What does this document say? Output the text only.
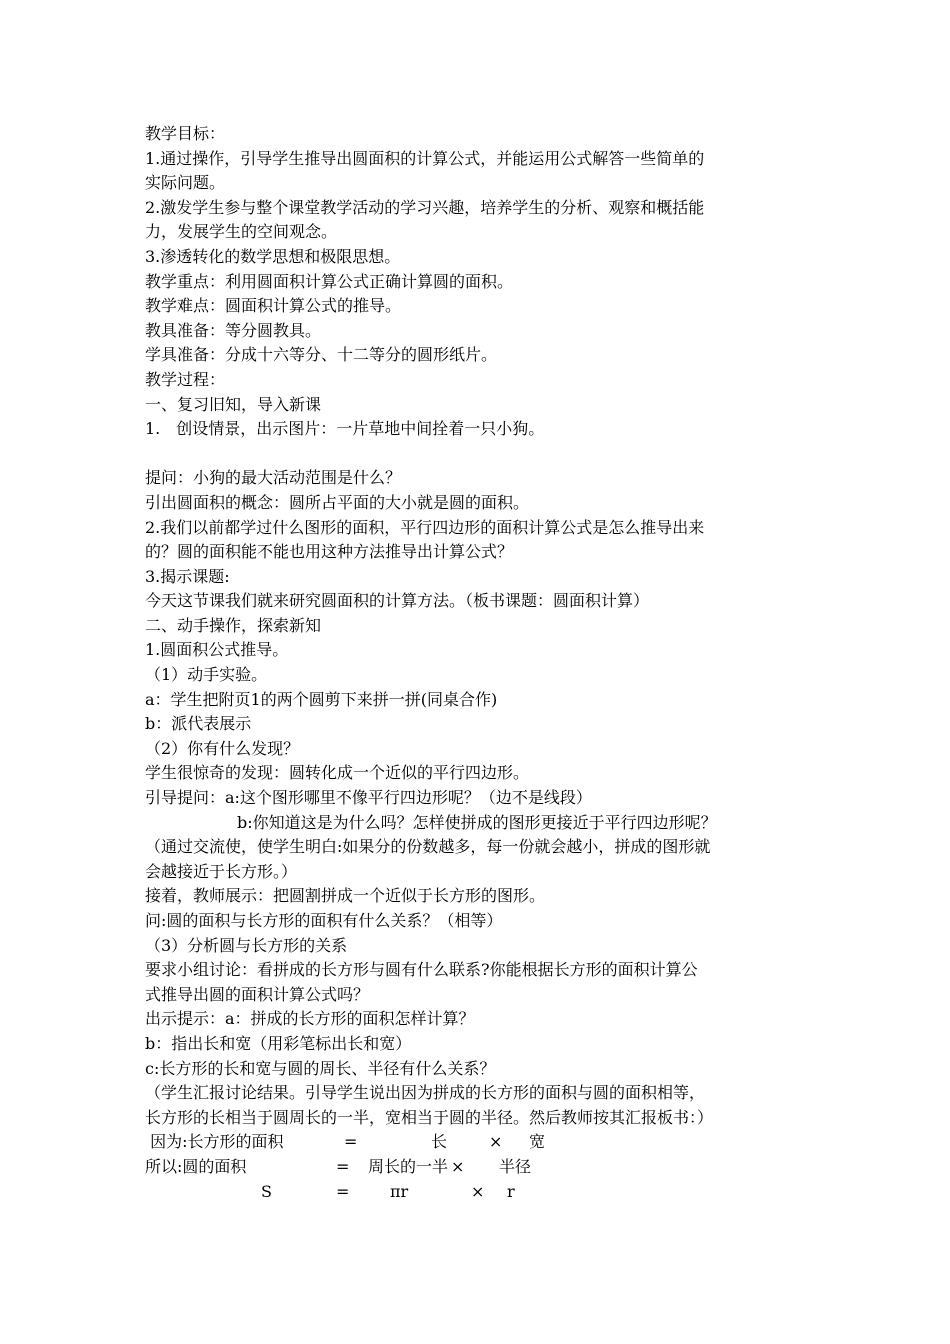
教学目标：
1.通过操作，引导学生推导出圆面积的计算公式，并能运用公式解答一些简单的
实际问题。
2.激发学生参与整个课堂教学活动的学习兴趣，培养学生的分析、观察和概括能
力，发展学生的空间观念。
3.渗透转化的数学思想和极限思想。
教学重点：利用圆面积计算公式正确计算圆的面积。
教学难点：圆面积计算公式的推导。
教具准备：等分圆教具。
学具准备：分成十六等分、十二等分的圆形纸片。
教学过程：
一、复习旧知，导入新课
1.　创设情景，出示图片：一片草地中间拴着一只小狗。
提问：小狗的最大活动范围是什么？
引出圆面积的概念：圆所占平面的大小就是圆的面积。
2.我们以前都学过什么图形的面积，平行四边形的面积计算公式是怎么推导出来
的？圆的面积能不能也用这种方法推导出计算公式？
3.揭示课题:
今天这节课我们就来研究圆面积的计算方法。（板书课题：圆面积计算）
二、动手操作，探索新知
1.圆面积公式推导。
（1）动手实验。
a：学生把附页1的两个圆剪下来拼一拼(同桌合作)
b：派代表展示
（2）你有什么发现？
学生很惊奇的发现：圆转化成一个近似的平行四边形。
引导提问：a:这个图形哪里不像平行四边形呢？（边不是线段）
b:你知道这是为什么吗？怎样使拼成的图形更接近于平行四边形呢？
（通过交流使，使学生明白:如果分的份数越多，每一份就会越小，拼成的图形就
会越接近于长方形。）
接着，教师展示：把圆割拼成一个近似于长方形的图形。
问:圆的面积与长方形的面积有什么关系？（相等）
（3）分析圆与长方形的关系
要求小组讨论：看拼成的长方形与圆有什么联系?你能根据长方形的面积计算公
式推导出圆的面积计算公式吗？
出示提示：a：拼成的长方形的面积怎样计算？
b：指出长和宽（用彩笔标出长和宽）
c:长方形的长和宽与圆的周长、半径有什么关系？
（学生汇报讨论结果。引导学生说出因为拼成的长方形的面积与圆的面积相等，
长方形的长相当于圆周长的一半，宽相当于圆的半径。然后教师按其汇报板书：）
因为:长方形的面积	=	长	× 宽
所以:圆的面积	= 周长的一半 × 半径
S	=	πr	× r
